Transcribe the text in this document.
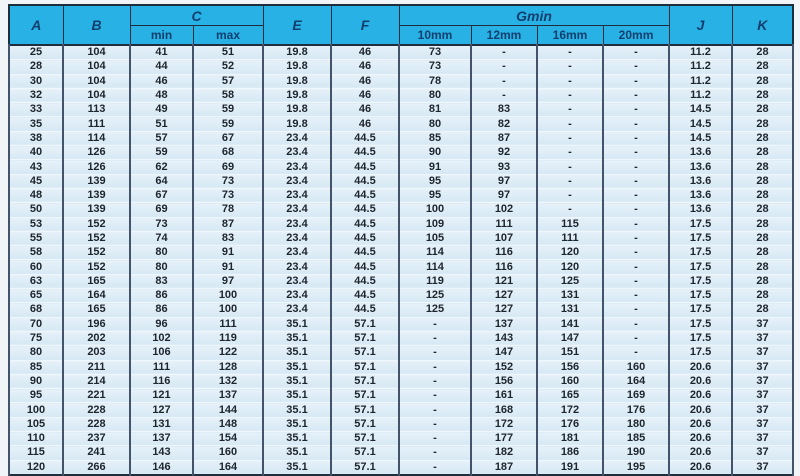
A	B	C		E	F	Gmin				J	K
		min	max			10mm	12mm	16mm	20mm		
25	104	41	51	19.8	46	73	-	-	-	11.2	28
28	104	44	52	19.8	46	73	-	-	-	11.2	28
30	104	46	57	19.8	46	78	-	-	-	11.2	28
32	104	48	58	19.8	46	80	-	-	-	11.2	28
33	113	49	59	19.8	46	81	83	-	-	14.5	28
35	111	51	59	19.8	46	80	82	-	-	14.5	28
38	114	57	67	23.4	44.5	85	87	-	-	14.5	28
40	126	59	68	23.4	44.5	90	92	-	-	13.6	28
43	126	62	69	23.4	44.5	91	93	-	-	13.6	28
45	139	64	73	23.4	44.5	95	97	-	-	13.6	28
48	139	67	73	23.4	44.5	95	97	-	-	13.6	28
50	139	69	78	23.4	44.5	100	102	-	-	13.6	28
53	152	73	87	23.4	44.5	109	111	115	-	17.5	28
55	152	74	83	23.4	44.5	105	107	111	-	17.5	28
58	152	80	91	23.4	44.5	114	116	120	-	17.5	28
60	152	80	91	23.4	44.5	114	116	120	-	17.5	28
63	165	83	97	23.4	44.5	119	121	125	-	17.5	28
65	164	86	100	23.4	44.5	125	127	131	-	17.5	28
68	165	86	100	23.4	44.5	125	127	131	-	17.5	28
70	196	96	111	35.1	57.1	-	137	141	-	17.5	37
75	202	102	119	35.1	57.1	-	143	147	-	17.5	37
80	203	106	122	35.1	57.1	-	147	151	-	17.5	37
85	211	111	128	35.1	57.1	-	152	156	160	20.6	37
90	214	116	132	35.1	57.1	-	156	160	164	20.6	37
95	221	121	137	35.1	57.1	-	161	165	169	20.6	37
100	228	127	144	35.1	57.1	-	168	172	176	20.6	37
105	228	131	148	35.1	57.1	-	172	176	180	20.6	37
110	237	137	154	35.1	57.1	-	177	181	185	20.6	37
115	241	143	160	35.1	57.1	-	182	186	190	20.6	37
120	266	146	164	35.1	57.1	-	187	191	195	20.6	37
